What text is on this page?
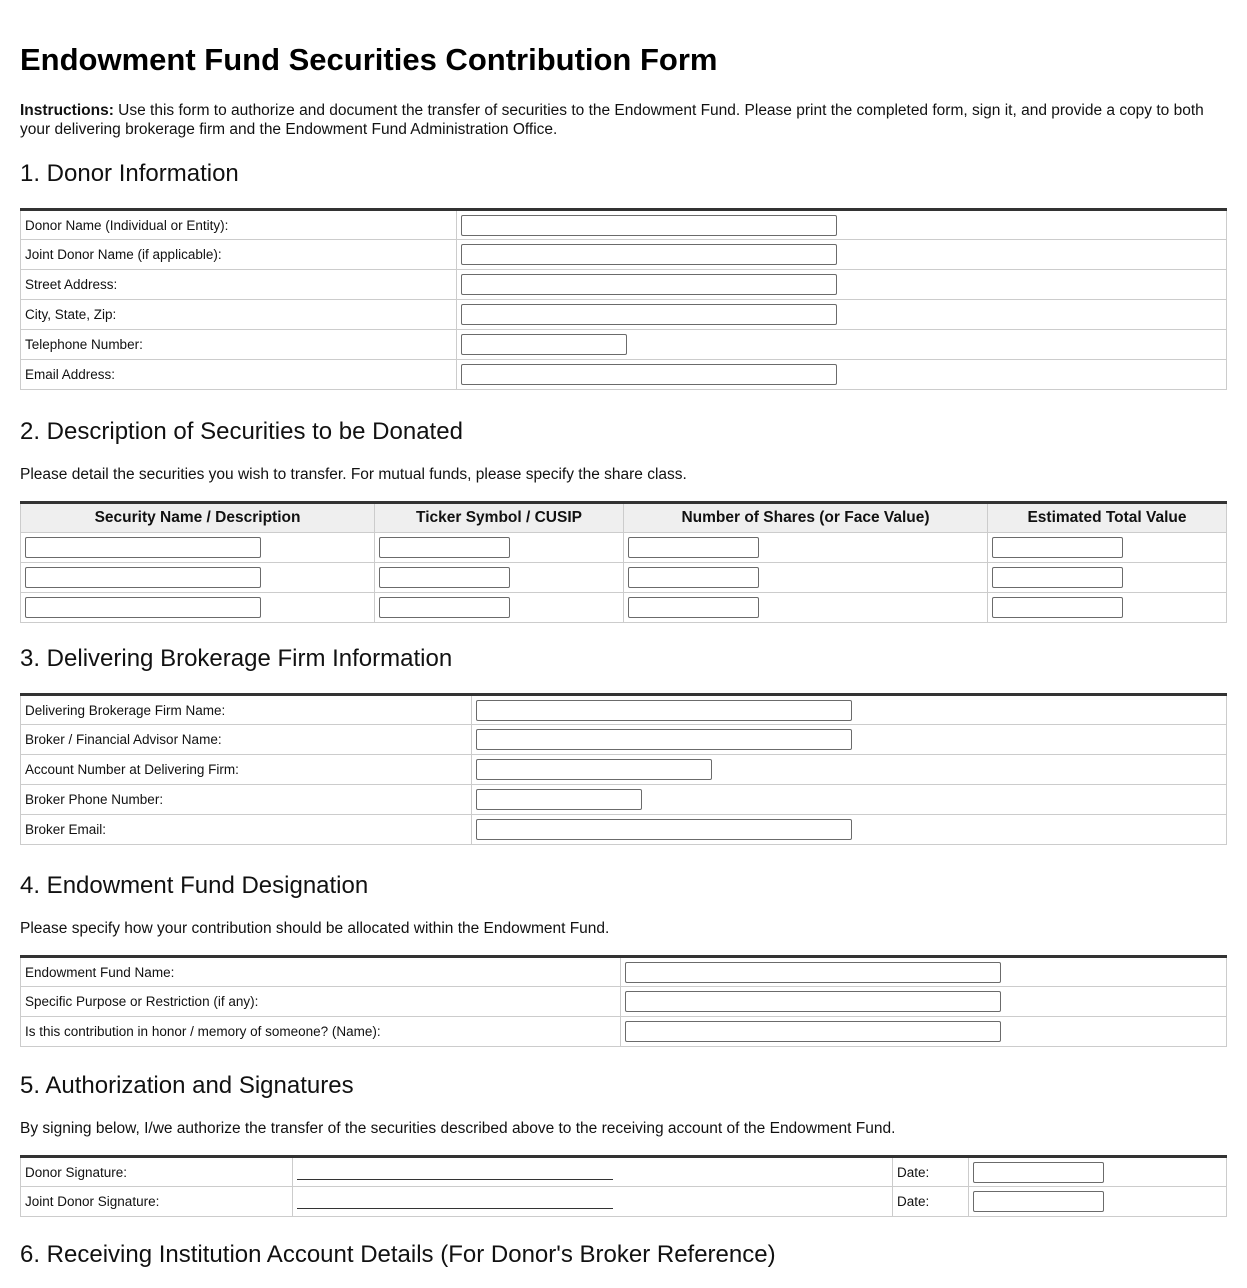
Endowment Fund Securities Contribution Form
Instructions: Use this form to authorize and document the transfer of securities to the Endowment Fund. Please print the completed form, sign it, and provide a copy to both your delivering brokerage firm and the Endowment Fund Administration Office.
1. Donor Information
Donor Name (Individual or Entity):	

Joint Donor Name (if applicable):	

Street Address:	

City, State, Zip:	

Telephone Number:	

Email Address:	
2. Description of Securities to be Donated
Please detail the securities you wish to transfer. For mutual funds, please specify the share class.
Security Name / Description	Ticker Symbol / CUSIP	Number of Shares (or Face Value)	Estimated Total Value

3. Delivering Brokerage Firm Information
Delivering Brokerage Firm Name:	

Broker / Financial Advisor Name:	

Account Number at Delivering Firm:	

Broker Phone Number:	

Broker Email:	
4. Endowment Fund Designation
Please specify how your contribution should be allocated within the Endowment Fund.
Endowment Fund Name:	

Specific Purpose or Restriction (if any):	

Is this contribution in honor / memory of someone? (Name):	
5. Authorization and Signatures
By signing below, I/we authorize the transfer of the securities described above to the receiving account of the Endowment Fund.
Donor Signature:		Date:	

Joint Donor Signature:		Date:	
6. Receiving Institution Account Details (For Donor's Broker Reference)
